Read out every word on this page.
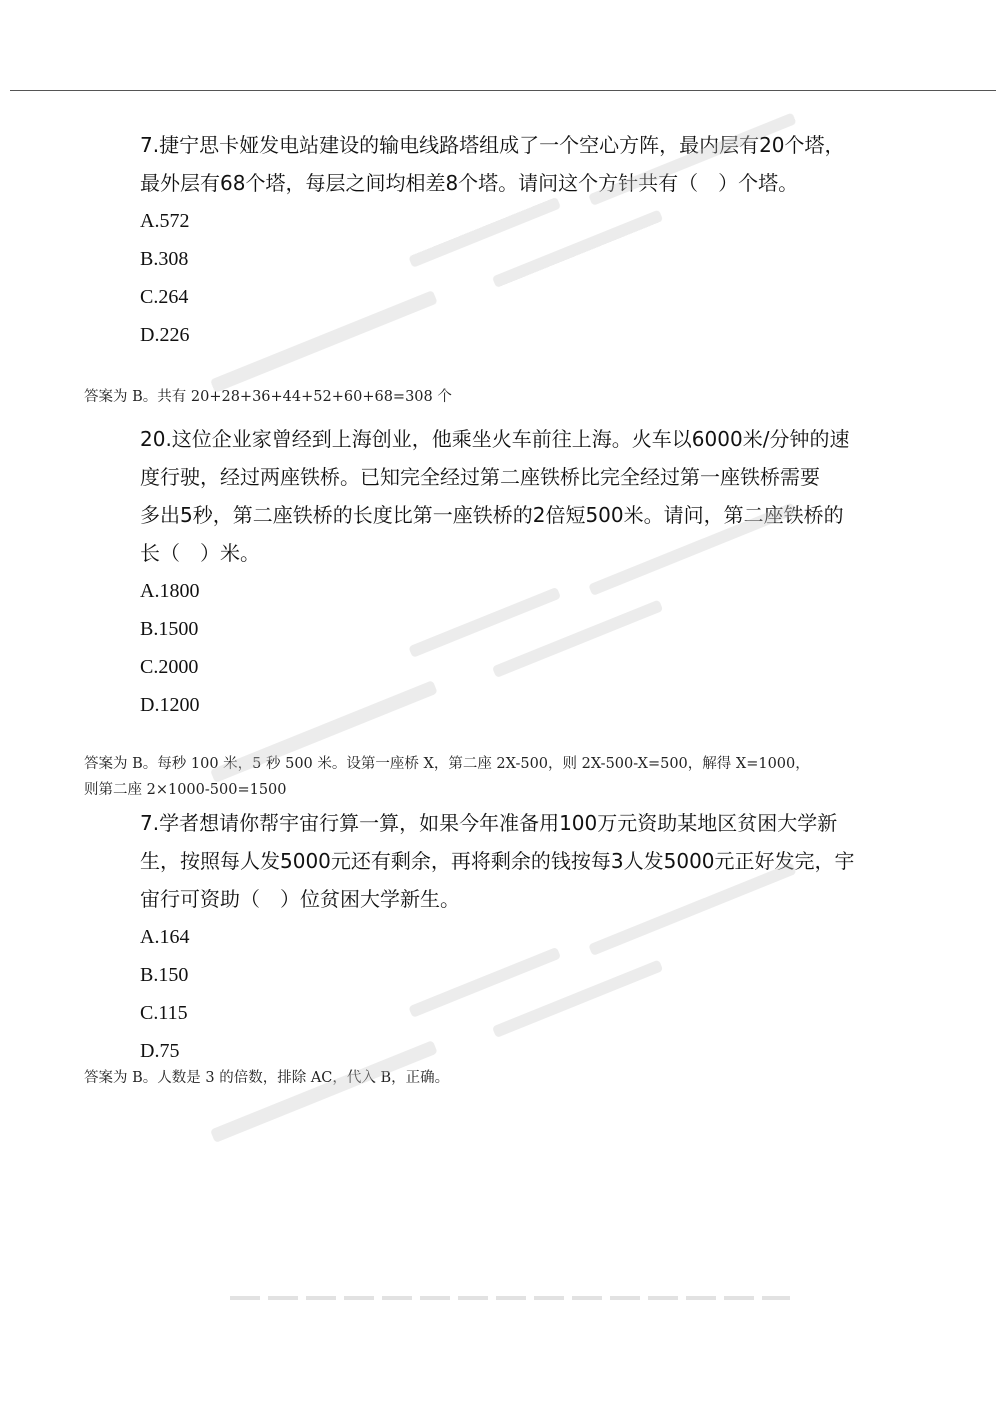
7.捷宁思卡娅发电站建设的输电线路塔组成了一个空心方阵，最内层有20个塔，

最外层有68个塔，每层之间均相差8个塔。请问这个方针共有（　）个塔。

A.572

B.308

C.264

D.226

答案为 B。共有 20+28+36+44+52+60+68=308 个

20.这位企业家曾经到上海创业，他乘坐火车前往上海。火车以6000米/分钟的速

度行驶，经过两座铁桥。已知完全经过第二座铁桥比完全经过第一座铁桥需要

多出5秒，第二座铁桥的长度比第一座铁桥的2倍短500米。请问，第二座铁桥的

长（　）米。

A.1800

B.1500

C.2000

D.1200

答案为 B。每秒 100 米，5 秒 500 米。设第一座桥 X，第二座 2X-500，则 2X-500-X=500，解得 X=1000，
则第二座 2×1000-500=1500

7.学者想请你帮宇宙行算一算，如果今年准备用100万元资助某地区贫困大学新

生，按照每人发5000元还有剩余，再将剩余的钱按每3人发5000元正好发完，宇

宙行可资助（　）位贫困大学新生。

A.164

B.150

C.115

D.75

答案为 B。人数是 3 的倍数，排除 AC，代入 B，正确。
